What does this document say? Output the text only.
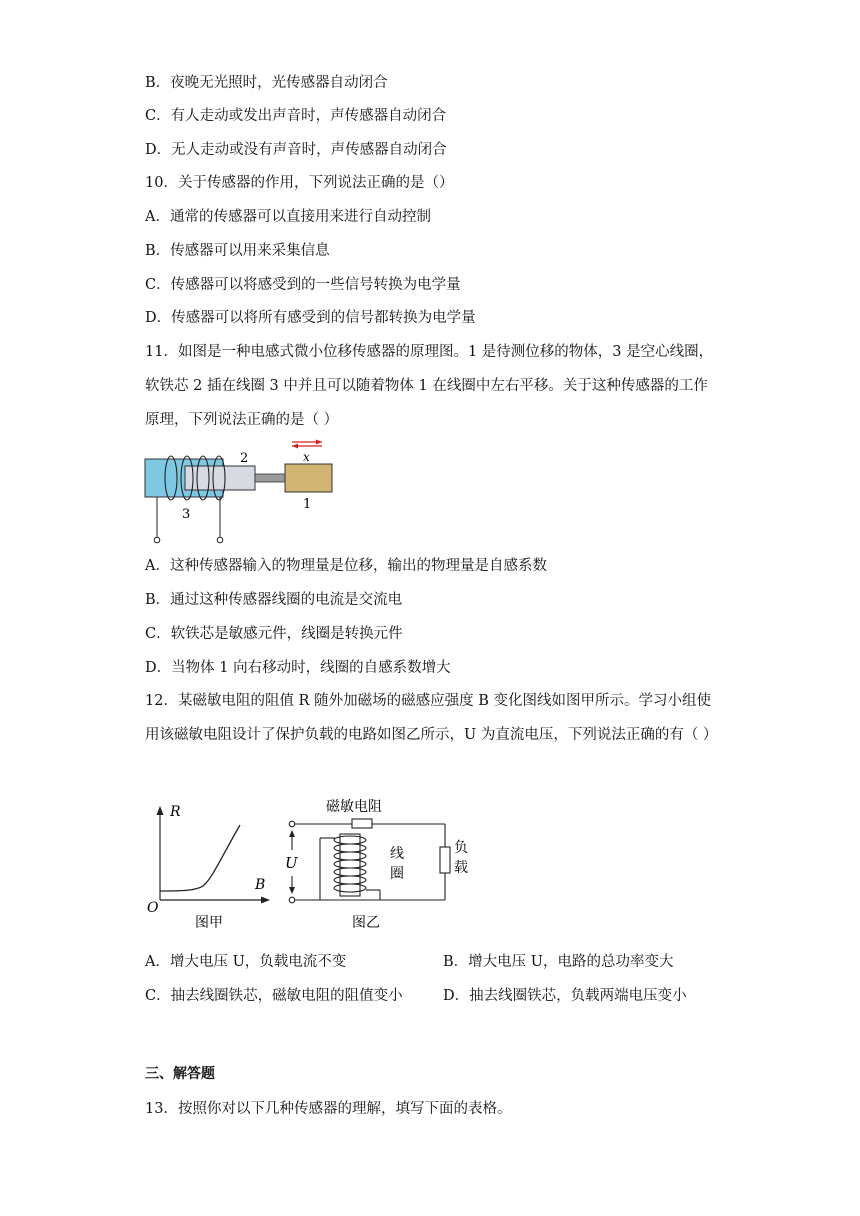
B．夜晚无光照时，光传感器自动闭合
C．有人走动或发出声音时，声传感器自动闭合
D．无人走动或没有声音时，声传感器自动闭合
10．关于传感器的作用，下列说法正确的是（）
A．通常的传感器可以直接用来进行自动控制
B．传感器可以用来采集信息
C．传感器可以将感受到的一些信号转换为电学量
D．传感器可以将所有感受到的信号都转换为电学量
11．如图是一种电感式微小位移传感器的原理图。1 是待测位移的物体，3 是空心线圈，软铁芯 2 插在线圈 3 中并且可以随着物体 1 在线圈中左右平移。关于这种传感器的工作原理，下列说法正确的是（ ）
x
2
3
1
A．这种传感器输入的物理量是位移，输出的物理量是自感系数
B．通过这种传感器线圈的电流是交流电
C．软铁芯是敏感元件，线圈是转换元件
D．当物体 1 向右移动时，线圈的自感系数增大
12．某磁敏电阻的阻值 R 随外加磁场的磁感应强度 B 变化图线如图甲所示。学习小组使用该磁敏电阻设计了保护负载的电路如图乙所示，U 为直流电压，下列说法正确的有（ ）
R
B
O
图甲
磁敏电阻
U	线
圈
负
载
图乙
A．增大电压 U，负载电流不变	B．增大电压 U，电路的总功率变大
C．抽去线圈铁芯，磁敏电阻的阻值变小	D．抽去线圈铁芯，负载两端电压变小
三、解答题
13．按照你对以下几种传感器的理解，填写下面的表格。
